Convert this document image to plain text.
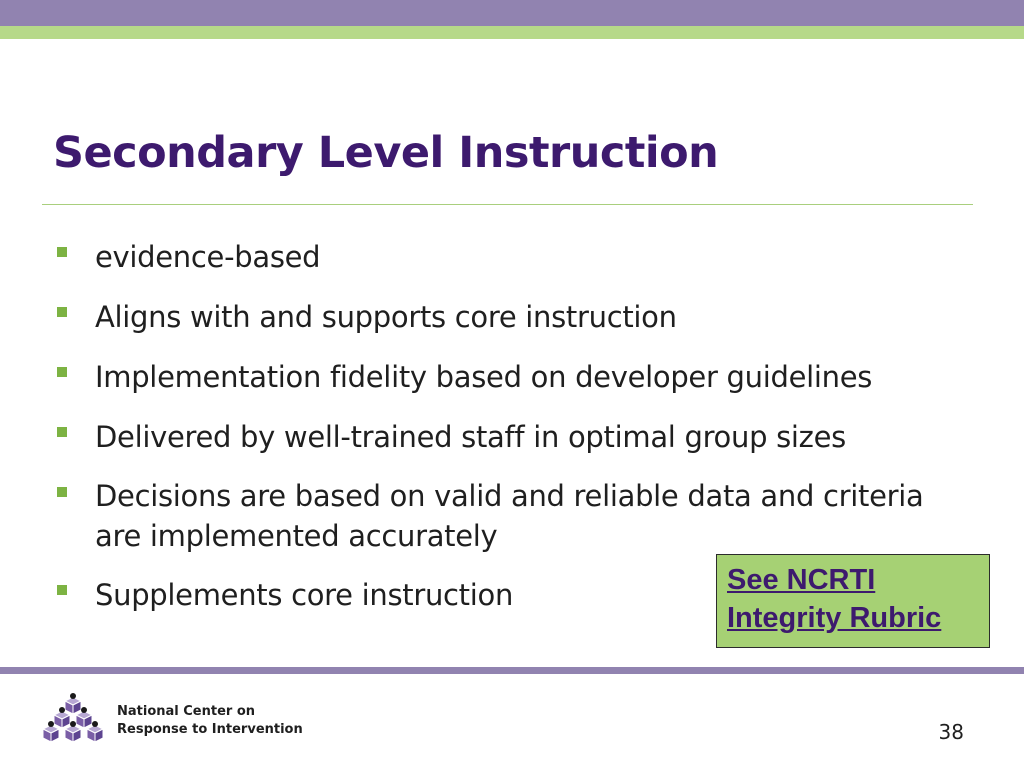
Secondary Level Instruction
evidence-based
Aligns with and supports core instruction
Implementation fidelity based on developer guidelines
Delivered by well-trained staff in optimal group sizes
Decisions are based on valid and reliable data and criteria are implemented accurately
Supplements core instruction	See NCRTI
Integrity Rubric
National Center on
Response to Intervention	38
